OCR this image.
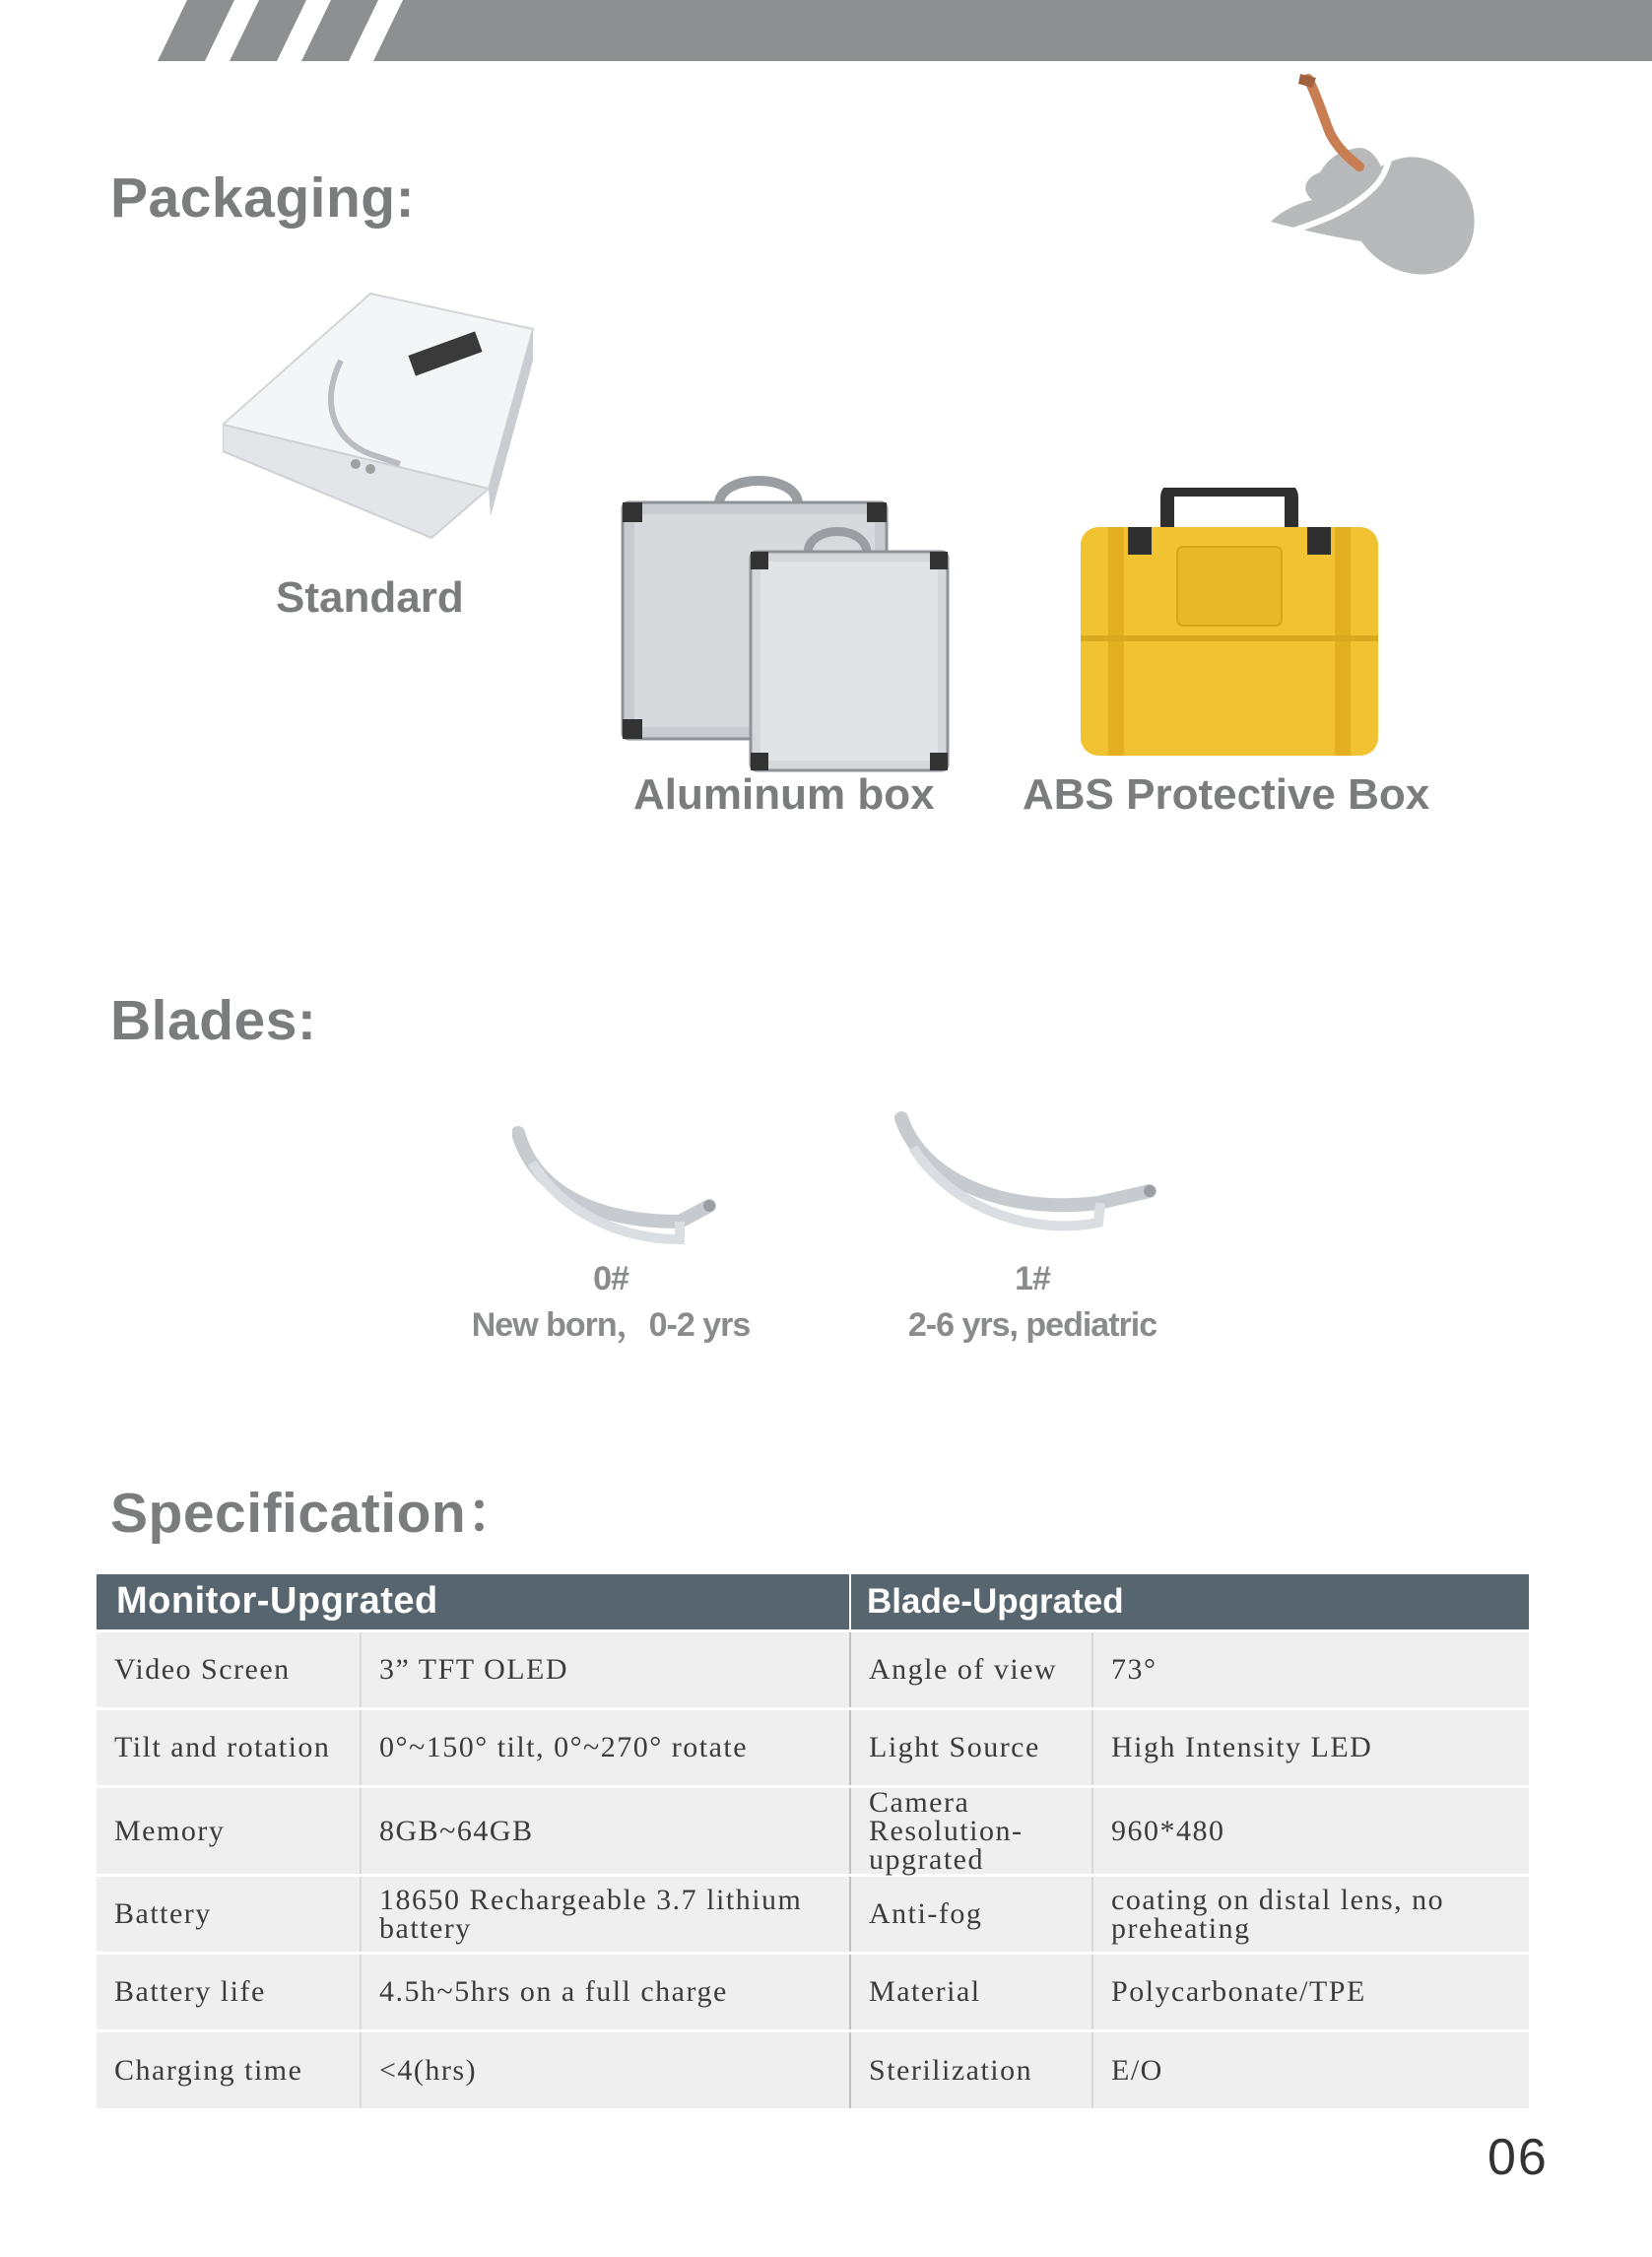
Packaging:
Standard
Aluminum box ABS Protective Box
Blades:
0#
New born，0-2 yrs
1#
2-6 yrs, pediatric
Specification：
Monitor-Upgrated		Blade-Upgrated	
Video Screen	3” TFT OLED	Angle of view	73°
Tilt and rotation	0°~150° tilt, 0°~270° rotate	Light Source	High Intensity LED
Memory	8GB~64GB	Camera Resolution-upgrated	960*480
Battery	18650 Rechargeable 3.7 lithium battery	Anti-fog	coating on distal lens, no preheating
Battery life	4.5h~5hrs on a full charge	Material	Polycarbonate/TPE
Charging time	<4(hrs)	Sterilization	E/O
06
